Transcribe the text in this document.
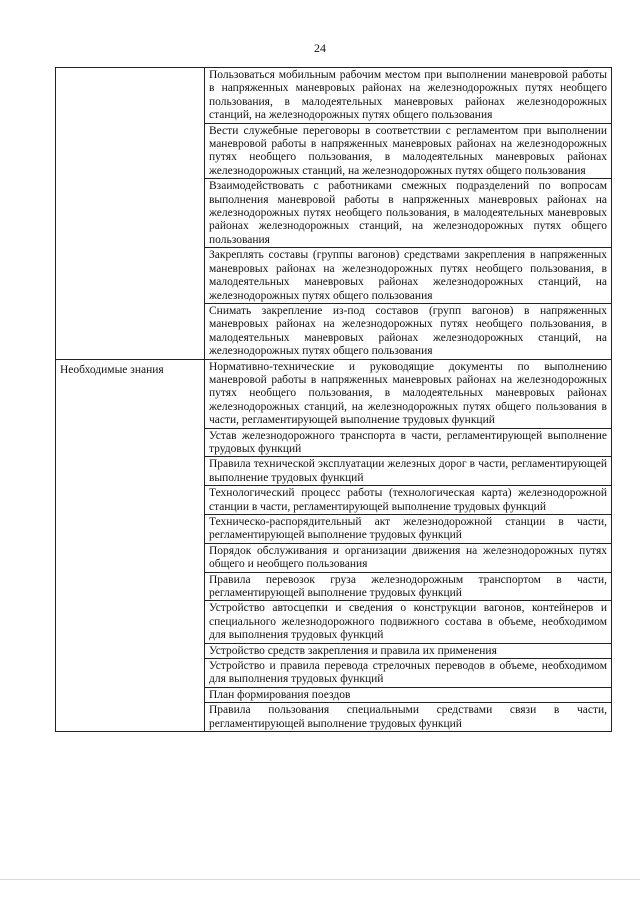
24
	Пользоваться мобильным рабочим местом при выполнении маневровой работы в напряженных маневровых районах на железнодорожных путях необщего пользования, в малодеятельных маневровых районах железнодорожных станций, на железнодорожных путях общего пользования
	Вести служебные переговоры в соответствии с регламентом при выполнении маневровой работы в напряженных маневровых районах на железнодорожных путях необщего пользования, в малодеятельных маневровых районах железнодорожных станций, на железнодорожных путях общего пользования
	Взаимодействовать с работниками смежных подразделений по вопросам выполнения маневровой работы в напряженных маневровых районах на железнодорожных путях необщего пользования, в малодеятельных маневровых районах железнодорожных станций, на железнодорожных путях общего пользования
	Закреплять составы (группы вагонов) средствами закрепления в напряженных маневровых районах на железнодорожных путях необщего пользования, в малодеятельных маневровых районах железнодорожных станций, на железнодорожных путях общего пользования
	Снимать закрепление из-под составов (групп вагонов) в напряженных маневровых районах на железнодорожных путях необщего пользования, в малодеятельных маневровых районах железнодорожных станций, на железнодорожных путях общего пользования

Необходимые знания	Нормативно-технические и руководящие документы по выполнению маневровой работы в напряженных маневровых районах на железнодорожных путях необщего пользования, в малодеятельных маневровых районах железнодорожных станций, на железнодорожных путях общего пользования в части, регламентирующей выполнение трудовых функций
	Устав железнодорожного транспорта в части, регламентирующей выполнение трудовых функций
	Правила технической эксплуатации железных дорог в части, регламентирующей выполнение трудовых функций
	Технологический процесс работы (технологическая карта) железнодорожной станции в части, регламентирующей выполнение трудовых функций
	Техническо-распорядительный акт железнодорожной станции в части, регламентирующей выполнение трудовых функций
	Порядок обслуживания и организации движения на железнодорожных путях общего и необщего пользования
	Правила перевозок груза железнодорожным транспортом в части, регламентирующей выполнение трудовых функций
	Устройство автосцепки и сведения о конструкции вагонов, контейнеров и специального железнодорожного подвижного состава в объеме, необходимом для выполнения трудовых функций
	Устройство средств закрепления и правила их применения
	Устройство и правила перевода стрелочных переводов в объеме, необходимом для выполнения трудовых функций
	План формирования поездов
	Правила пользования специальными средствами связи в части, регламентирующей выполнение трудовых функций
